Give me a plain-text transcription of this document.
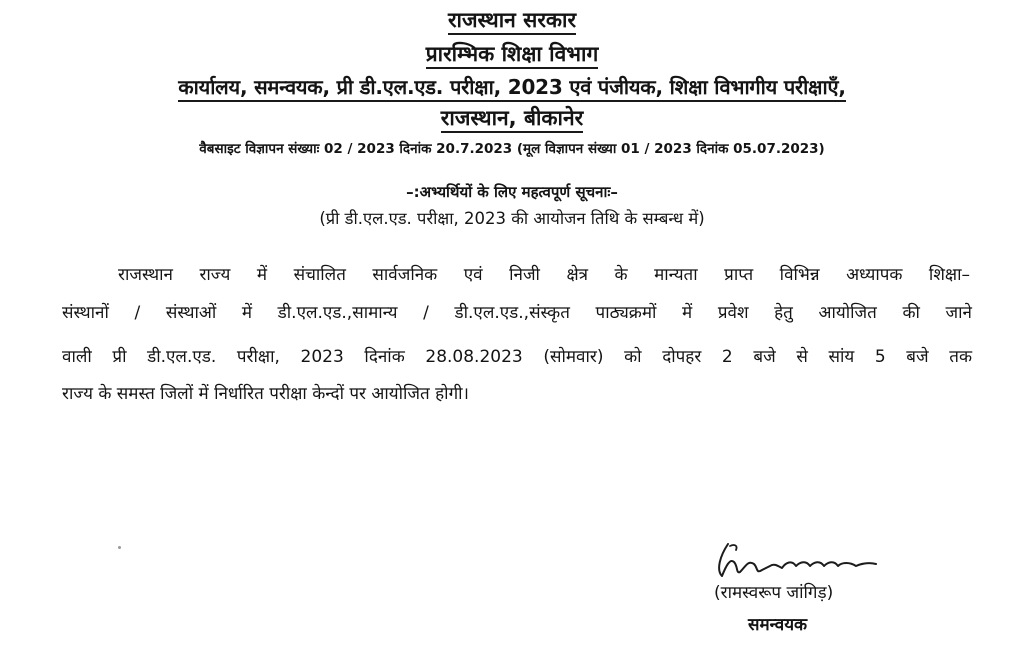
राजस्थान सरकार
प्रारम्भिक शिक्षा विभाग
कार्यालय, समन्वयक, प्री डी.एल.एड. परीक्षा, 2023 एवं पंजीयक, शिक्षा विभागीय परीक्षाएँ,
राजस्थान, बीकानेर
वैबसाइट विज्ञापन संख्याः 02 / 2023 दिनांक 20.7.2023 (मूल विज्ञापन संख्या 01 / 2023 दिनांक 05.07.2023)
–:अभ्यर्थियों के लिए महत्वपूर्ण सूचनाः–
(प्री डी.एल.एड. परीक्षा, 2023 की आयोजन तिथि के सम्बन्ध में)
राजस्थान राज्य में संचालित सार्वजनिक एवं निजी क्षेत्र के मान्यता प्राप्त विभिन्न अध्यापक शिक्षा–
संस्थानों / संस्थाओं में डी.एल.एड.,सामान्य / डी.एल.एड.,संस्कृत पाठ्यक्रमों में प्रवेश हेतु आयोजित की जाने
वाली प्री डी.एल.एड. परीक्षा, 2023 दिनांक 28.08.2023 (सोमवार) को दोपहर 2 बजे से सांय 5 बजे तक
राज्य के समस्त जिलों में निर्धारित परीक्षा केन्दों पर आयोजित होगी।
(रामस्वरूप जांगिड़)
समन्वयक
